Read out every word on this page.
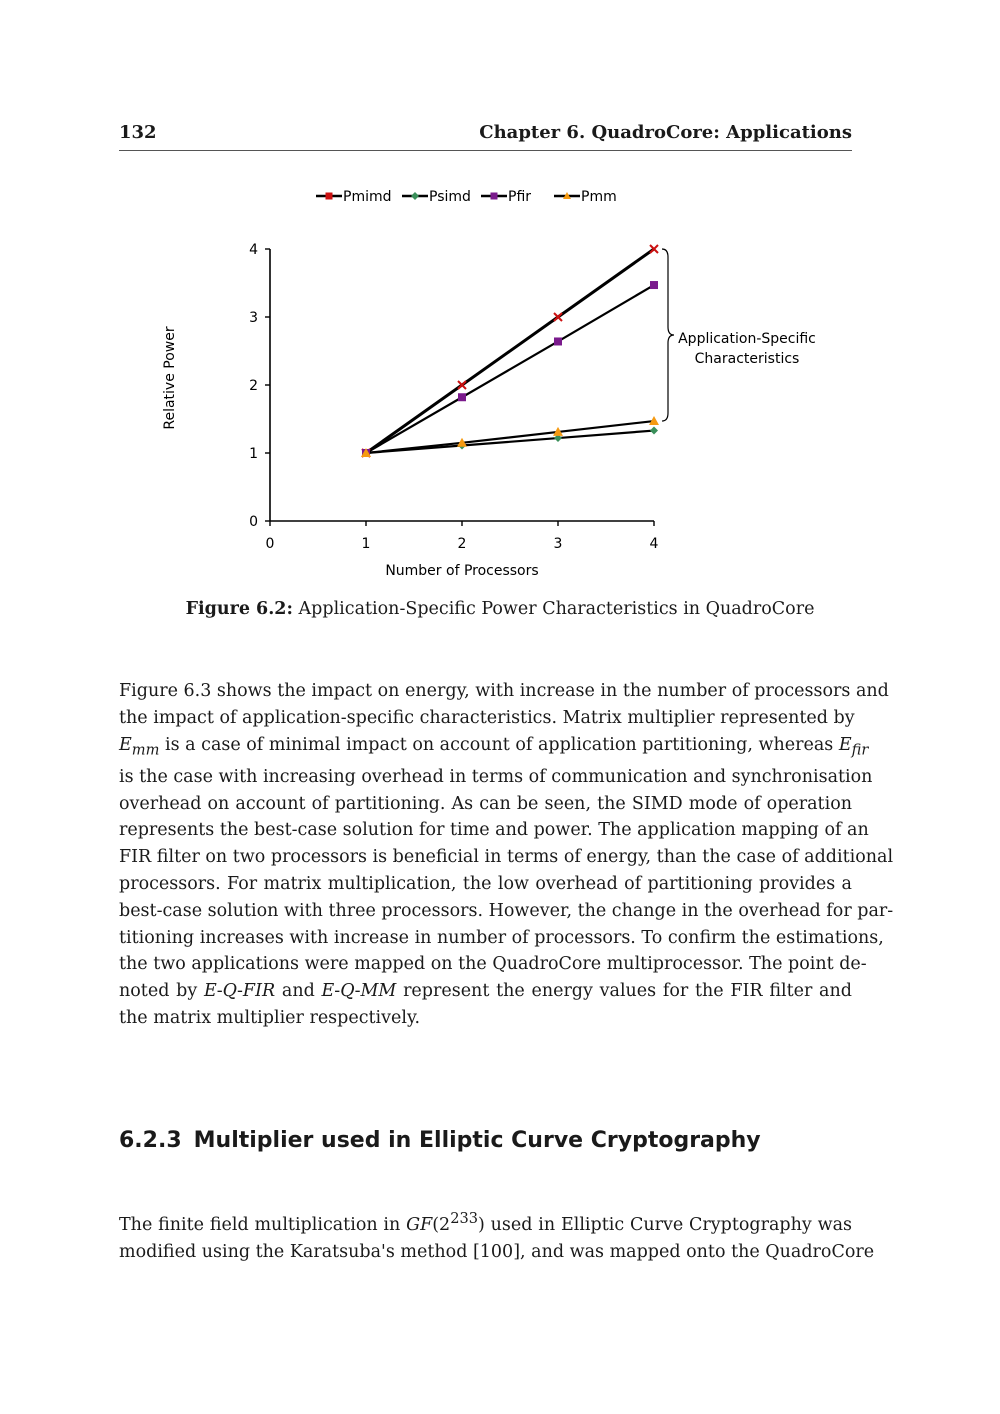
132	Chapter 6. QuadroCore: Applications
Pmimd	Psimd	Pfir	Pmm
0	1	2	3	4
0
1
2
3
4
Application-Specific
Characteristics
Number of Processors
Relative Power
Figure 6.2: Application-Specific Power Characteristics in QuadroCore
Figure 6.3 shows the impact on energy, with increase in the number of processors and
the impact of application-specific characteristics. Matrix multiplier represented by
$E_{mm}$ is a case of minimal impact on account of application partitioning, whereas $E_{fir}$
is the case with increasing overhead in terms of communication and synchronisation
overhead on account of partitioning. As can be seen, the SIMD mode of operation
represents the best-case solution for time and power. The application mapping of an
FIR filter on two processors is beneficial in terms of energy, than the case of additional
processors. For matrix multiplication, the low overhead of partitioning provides a
best-case solution with three processors. However, the change in the overhead for par-
titioning increases with increase in number of processors. To confirm the estimations,
the two applications were mapped on the QuadroCore multiprocessor. The point de-
noted by E-Q-FIR and E-Q-MM represent the energy values for the FIR filter and
the matrix multiplier respectively.
6.2.3 Multiplier used in Elliptic Curve Cryptography
The finite field multiplication in $GF(2^{233})$ used in Elliptic Curve Cryptography was
modified using the Karatsuba's method [100], and was mapped onto the QuadroCore
